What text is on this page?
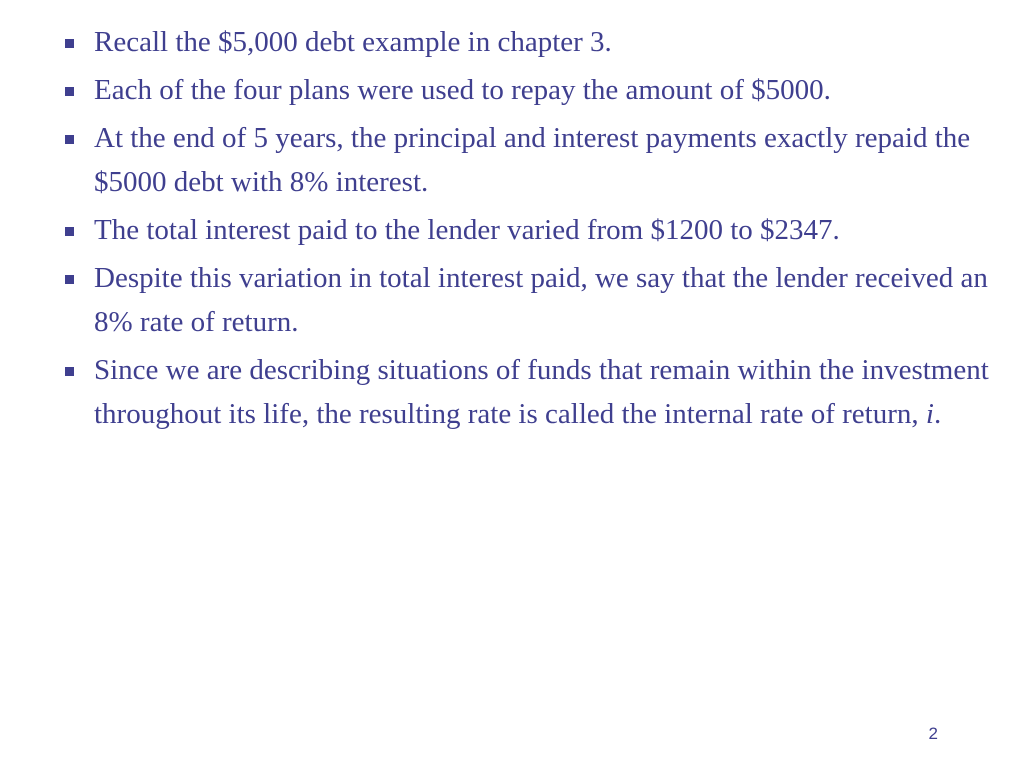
Recall the $5,000 debt example in chapter 3.
Each of the four plans were used to repay the amount of $5000.
At the end of 5 years, the principal and interest payments exactly repaid the $5000 debt with 8% interest.
The total interest paid to the lender varied from $1200 to $2347.
Despite this variation in total interest paid, we say that the lender received an 8% rate of return.
Since we are describing situations of funds that remain within the investment throughout its life, the resulting rate is called the internal rate of return, i.
2
